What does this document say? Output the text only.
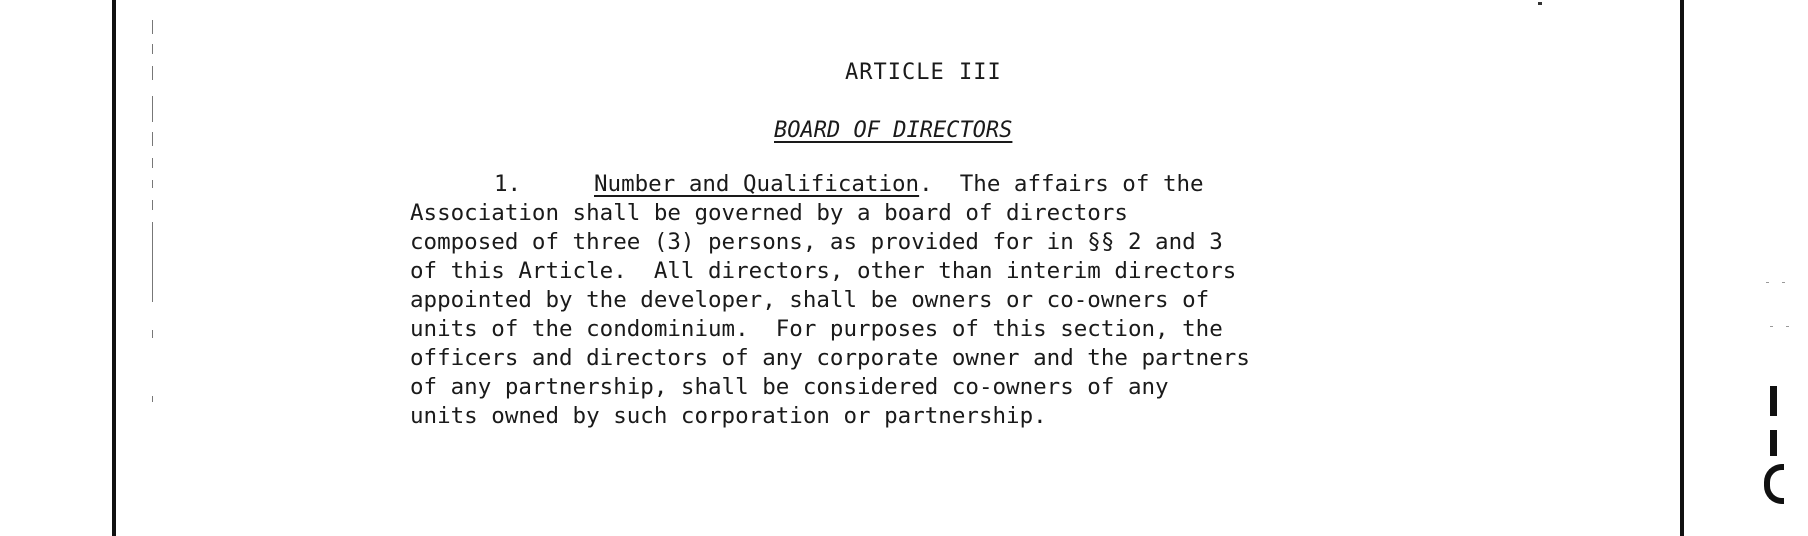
ARTICLE III
BOARD OF DIRECTORS
1.	Number and Qualification.  The affairs of the
Association shall be governed by a board of directors
composed of three (3) persons, as provided for in §§ 2 and 3
of this Article.  All directors, other than interim directors
appointed by the developer, shall be owners or co-owners of
units of the condominium.  For purposes of this section, the
officers and directors of any corporate owner and the partners
of any partnership, shall be considered co-owners of any
units owned by such corporation or partnership.
